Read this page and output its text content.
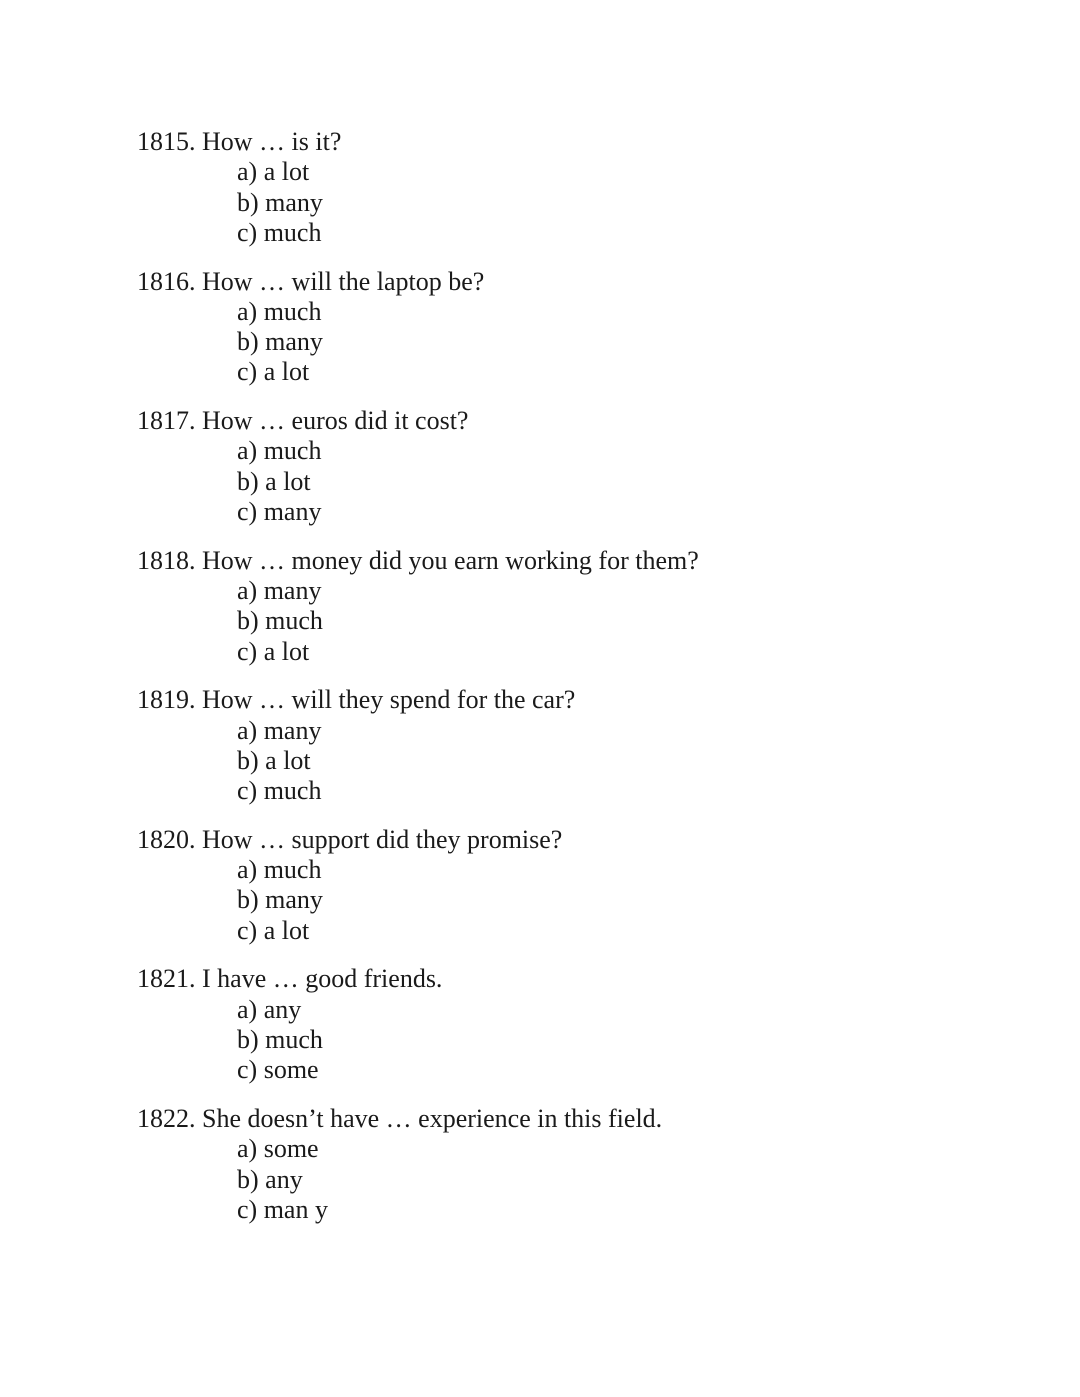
1815. How … is it?
a) a lot
b) many
c) much
1816. How … will the laptop be?
a) much
b) many
c) a lot
1817. How … euros did it cost?
a) much
b) a lot
c) many
1818. How … money did you earn working for them?
a) many
b) much
c) a lot
1819. How … will they spend for the car?
a) many
b) a lot
c) much
1820. How … support did they promise?
a) much
b) many
c) a lot
1821. I have … good friends.
a) any
b) much
c) some
1822. She doesn’t have … experience in this field.
a) some
b) any
c) man y
